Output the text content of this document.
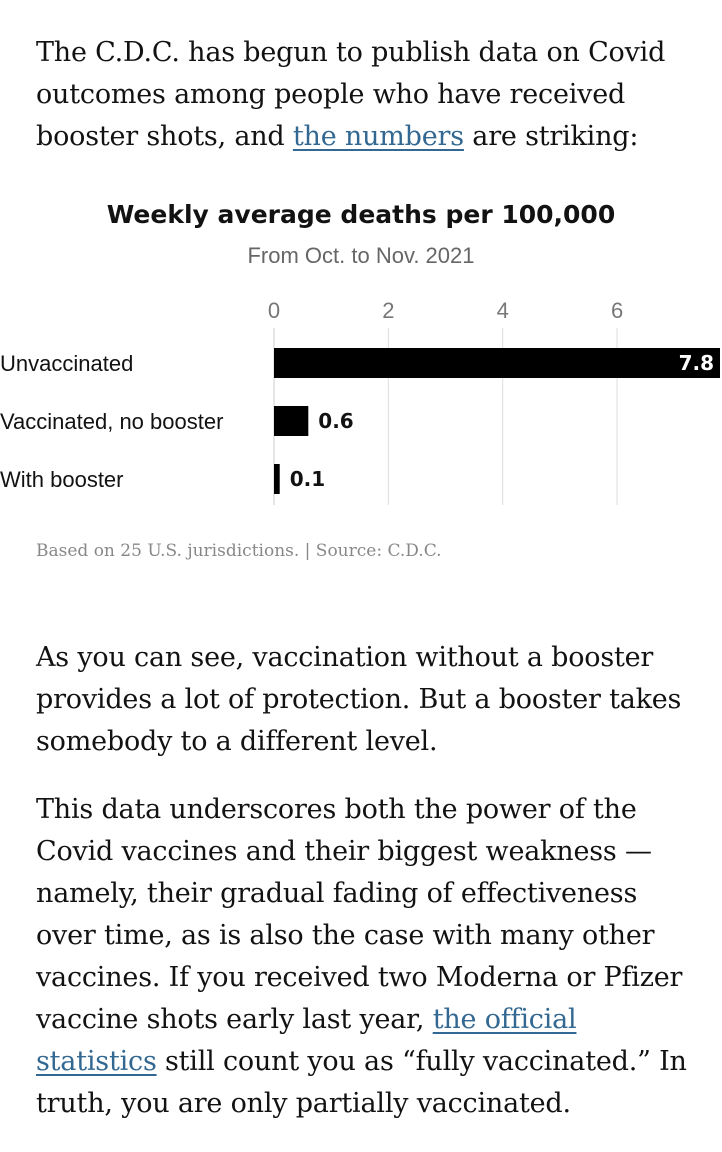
The C.D.C. has begun to publish data on Covid outcomes among people who have received booster shots, and the numbers are striking:

Weekly average deaths per 100,000
From Oct. to Nov. 2021
0	2	4	6
Unvaccinated	7.8
Vaccinated, no booster	0.6
With booster	0.1
Based on 25 U.S. jurisdictions. | Source: C.D.C.

As you can see, vaccination without a booster provides a lot of protection. But a booster takes somebody to a different level.

This data underscores both the power of the Covid vaccines and their biggest weakness — namely, their gradual fading of effectiveness over time, as is also the case with many other vaccines. If you received two Moderna or Pfizer vaccine shots early last year, the official statistics still count you as “fully vaccinated.” In truth, you are only partially vaccinated.
